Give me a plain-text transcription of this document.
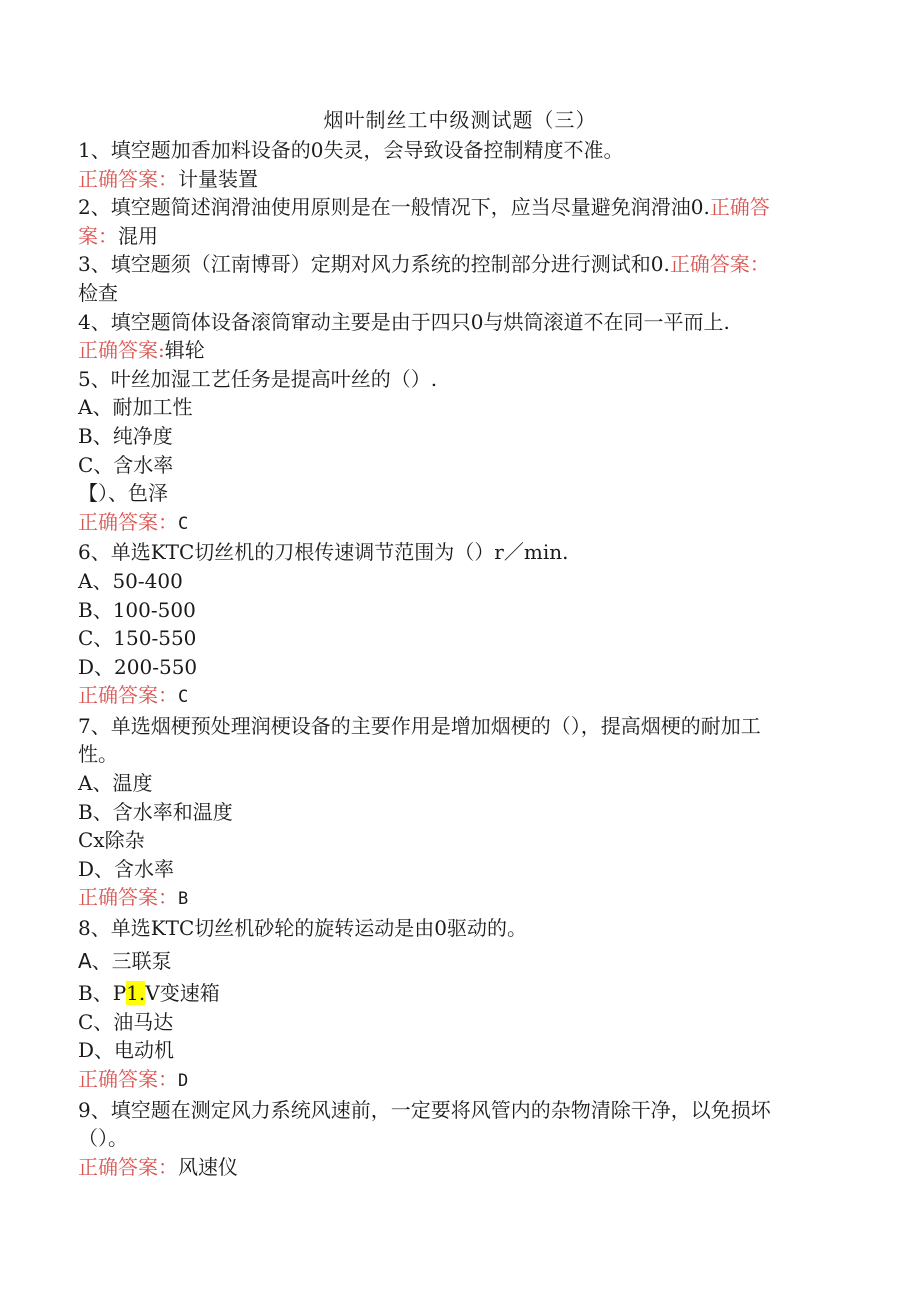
烟叶制丝工中级测试题（三）
1、填空题加香加料设备的0失灵，会导致设备控制精度不准。
正确答案：计量装置
2、填空题简述润滑油使用原则是在一般情况下，应当尽量避免润滑油0.正确答
案：混用
3、填空题须（江南博哥）定期对风力系统的控制部分进行测试和0.正确答案：
检查
4、填空题筒体设备滚筒窜动主要是由于四只0与烘筒滚道不在同一平而上.
正确答案:辑轮
5、叶丝加湿工艺任务是提高叶丝的（）.
A、耐加工性
B、纯净度
C、含水率
【）、色泽
正确答案：C
6、单选KTC切丝机的刀根传速调节范围为（）r／min.
A、50-400
B、100-500
C、150-550
D、200-550
正确答案：C
7、单选烟梗预处理润梗设备的主要作用是增加烟梗的（），提高烟梗的耐加工
性。
A、温度
B、含水率和温度
Cx除杂
D、含水率
正确答案：B
8、单选KTC切丝机砂轮的旋转运动是由0驱动的。
A、三联泵
B、P1.V变速箱
C、油马达
D、电动机
正确答案：D
9、填空题在测定风力系统风速前，一定要将风管内的杂物清除干净，以免损坏
（）。
正确答案：风速仪
